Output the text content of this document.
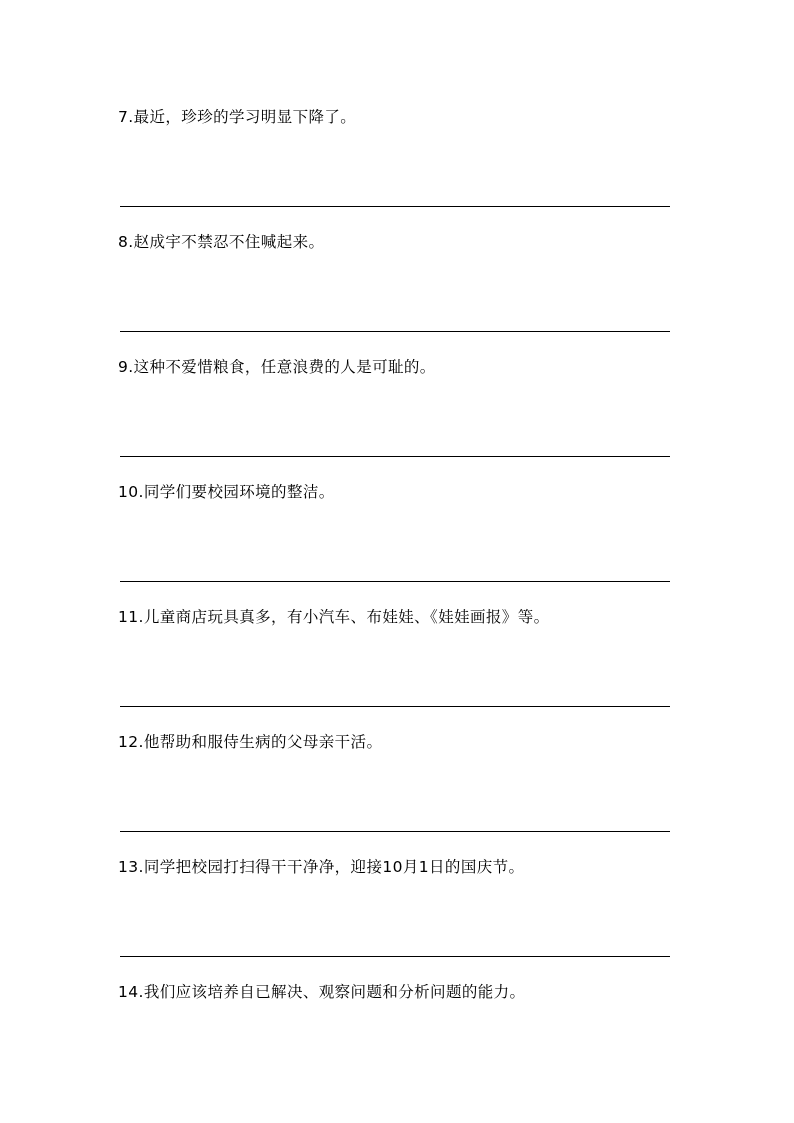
7.最近，珍珍的学习明显下降了。
8.赵成宇不禁忍不住喊起来。
9.这种不爱惜粮食，任意浪费的人是可耻的。
10.同学们要校园环境的整洁。
11.儿童商店玩具真多，有小汽车、布娃娃、《娃娃画报》等。
12.他帮助和服侍生病的父母亲干活。
13.同学把校园打扫得干干净净，迎接10月1日的国庆节。
14.我们应该培养自已解决、观察问题和分析问题的能力。
